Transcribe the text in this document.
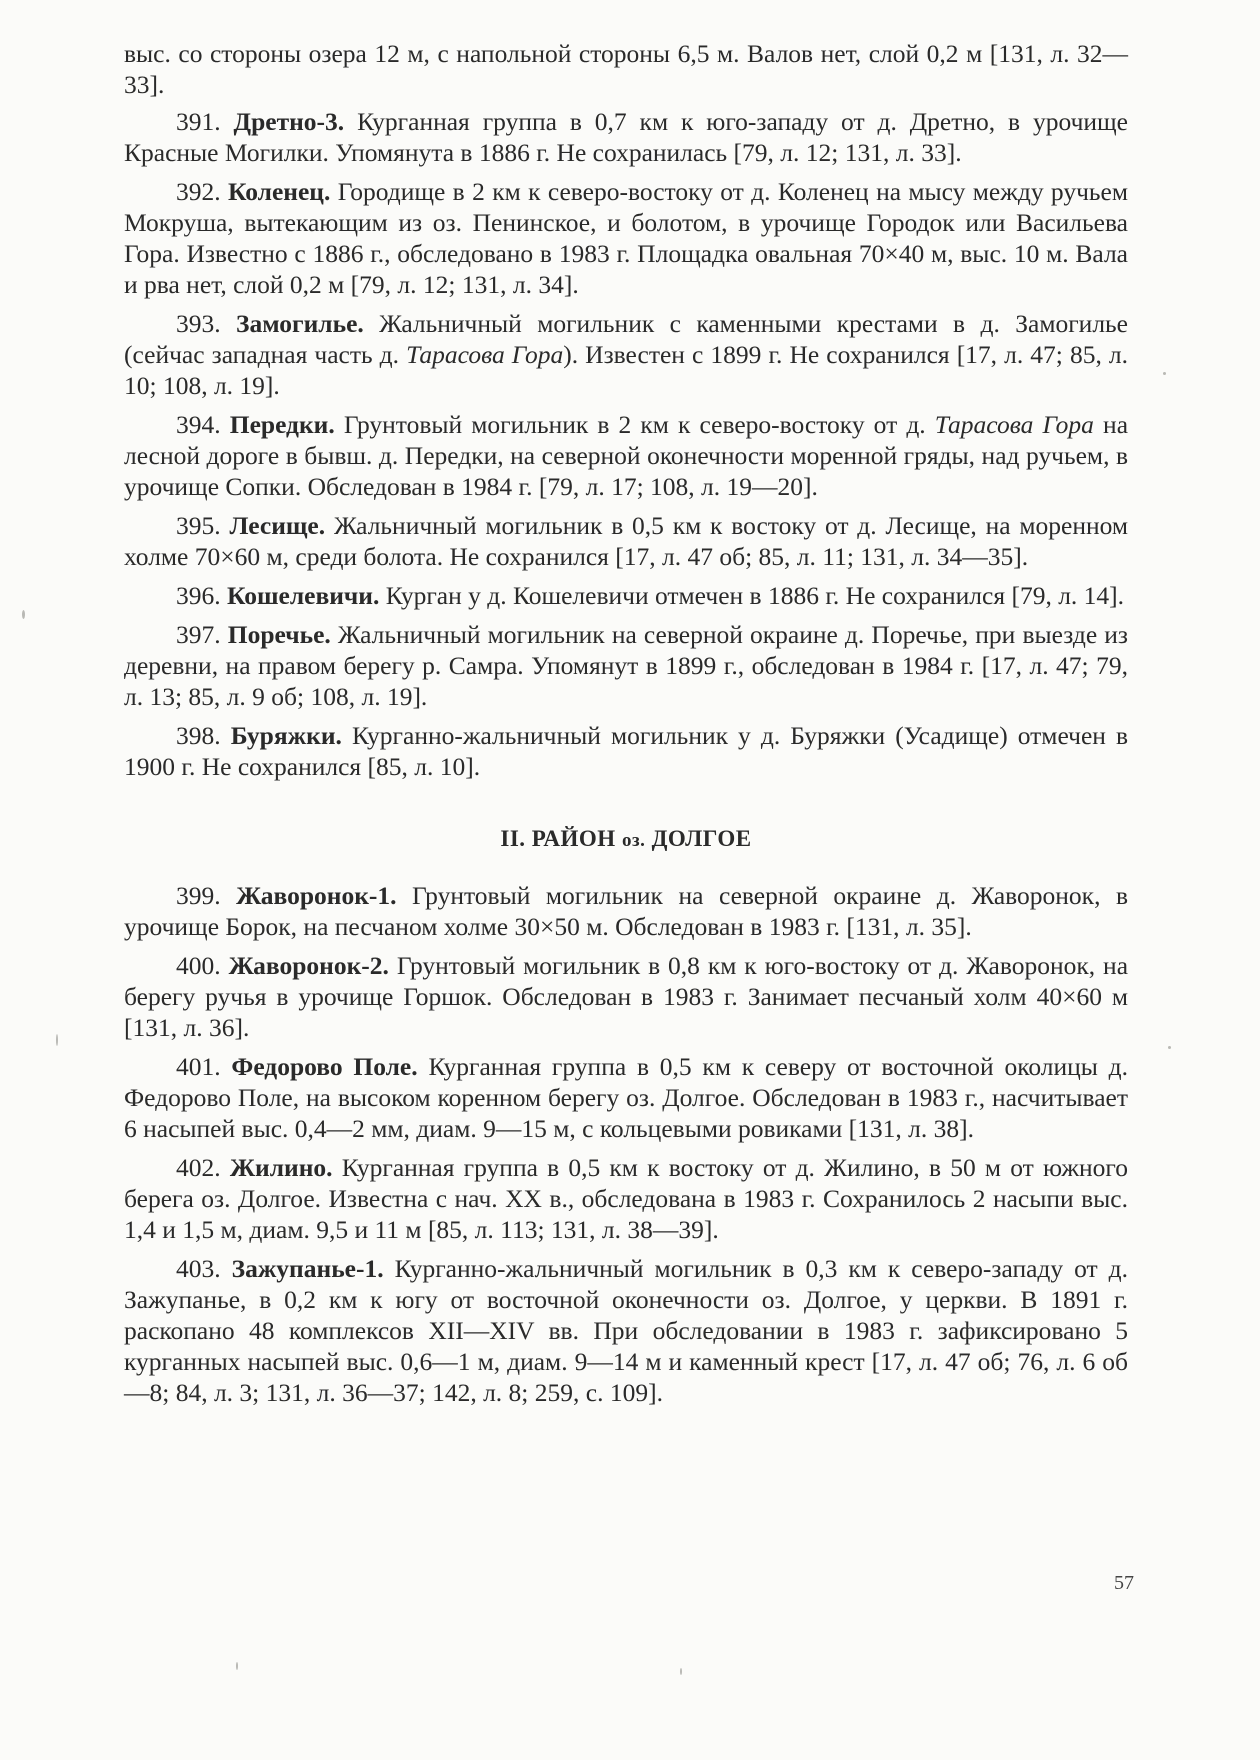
выс. со стороны озера 12 м, с напольной стороны 6,5 м. Валов нет, слой 0,2 м [131, л. 32—33].

391. Дретно-3. Курганная группа в 0,7 км к юго-западу от д. Дретно, в урочище Красные Могилки. Упомянута в 1886 г. Не сохранилась [79, л. 12; 131, л. 33].

392. Коленец. Городище в 2 км к северо-востоку от д. Коленец на мысу между ручьем Мокруша, вытекающим из оз. Пенинское, и болотом, в урочище Городок или Васильева Гора. Известно с 1886 г., обследовано в 1983 г. Площадка овальная 70×40 м, выс. 10 м. Вала и рва нет, слой 0,2 м [79, л. 12; 131, л. 34].

393. Замогилье. Жальничный могильник с каменными крестами в д. Замогилье (сейчас западная часть д. Тарасова Гора). Известен с 1899 г. Не сохранился [17, л. 47; 85, л. 10; 108, л. 19].

394. Передки. Грунтовый могильник в 2 км к северо-востоку от д. Тарасова Гора на лесной дороге в бывш. д. Передки, на северной оконечности моренной гряды, над ручьем, в урочище Сопки. Обследован в 1984 г. [79, л. 17; 108, л. 19—20].

395. Лесище. Жальничный могильник в 0,5 км к востоку от д. Лесище, на моренном холме 70×60 м, среди болота. Не сохранился [17, л. 47 об; 85, л. 11; 131, л. 34—35].

396. Кошелевичи. Курган у д. Кошелевичи отмечен в 1886 г. Не сохранился [79, л. 14].

397. Поречье. Жальничный могильник на северной окраине д. Поречье, при выезде из деревни, на правом берегу р. Самра. Упомянут в 1899 г., обследован в 1984 г. [17, л. 47; 79, л. 13; 85, л. 9 об; 108, л. 19].

398. Буряжки. Курганно-жальничный могильник у д. Буряжки (Усадище) отмечен в 1900 г. Не сохранился [85, л. 10].

II. РАЙОН оз. ДОЛГОЕ

399. Жаворонок-1. Грунтовый могильник на северной окраине д. Жаворонок, в урочище Борок, на песчаном холме 30×50 м. Обследован в 1983 г. [131, л. 35].

400. Жаворонок-2. Грунтовый могильник в 0,8 км к юго-востоку от д. Жаворонок, на берегу ручья в урочище Горшок. Обследован в 1983 г. Занимает песчаный холм 40×60 м [131, л. 36].

401. Федорово Поле. Курганная группа в 0,5 км к северу от восточной околицы д. Федорово Поле, на высоком коренном берегу оз. Долгое. Обследован в 1983 г., насчитывает 6 насыпей выс. 0,4—2 мм, диам. 9—15 м, с кольцевыми ровиками [131, л. 38].

402. Жилино. Курганная группа в 0,5 км к востоку от д. Жилино, в 50 м от южного берега оз. Долгое. Известна с нач. XX в., обследована в 1983 г. Сохранилось 2 насыпи выс. 1,4 и 1,5 м, диам. 9,5 и 11 м [85, л. 113; 131, л. 38—39].

403. Зажупанье-1. Курганно-жальничный могильник в 0,3 км к северо-западу от д. Зажупанье, в 0,2 км к югу от восточной оконечности оз. Долгое, у церкви. В 1891 г. раскопано 48 комплексов XII—XIV вв. При обследовании в 1983 г. зафиксировано 5 курганных насыпей выс. 0,6—1 м, диам. 9—14 м и каменный крест [17, л. 47 об; 76, л. 6 об—8; 84, л. 3; 131, л. 36—37; 142, л. 8; 259, с. 109].

57
